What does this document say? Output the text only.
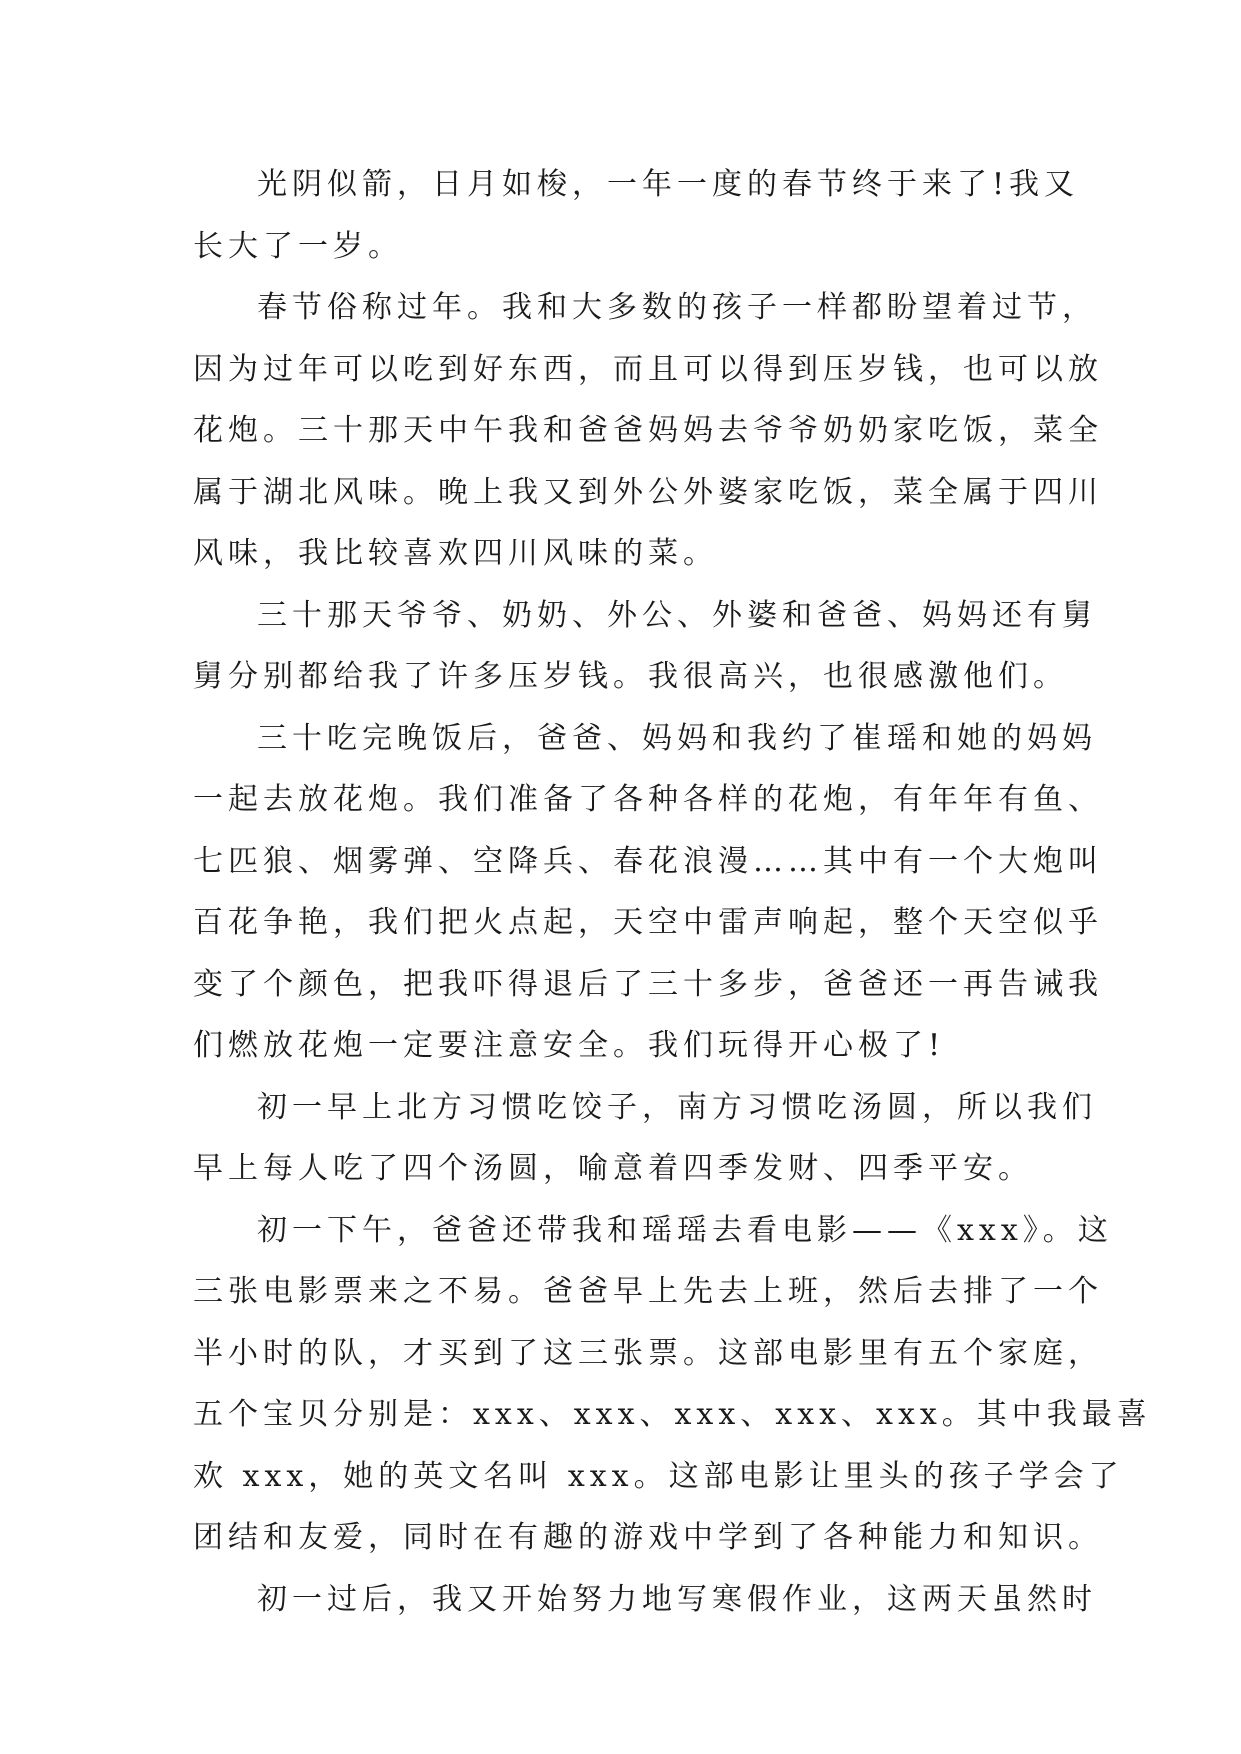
光阴似箭，日月如梭，一年一度的春节终于来了!我又
长大了一岁。
春节俗称过年。我和大多数的孩子一样都盼望着过节，
因为过年可以吃到好东西，而且可以得到压岁钱，也可以放
花炮。三十那天中午我和爸爸妈妈去爷爷奶奶家吃饭，菜全
属于湖北风味。晚上我又到外公外婆家吃饭，菜全属于四川
风味，我比较喜欢四川风味的菜。
三十那天爷爷、奶奶、外公、外婆和爸爸、妈妈还有舅
舅分别都给我了许多压岁钱。我很高兴，也很感激他们。
三十吃完晚饭后，爸爸、妈妈和我约了崔瑶和她的妈妈
一起去放花炮。我们准备了各种各样的花炮，有年年有鱼、
七匹狼、烟雾弹、空降兵、春花浪漫……其中有一个大炮叫
百花争艳，我们把火点起，天空中雷声响起，整个天空似乎
变了个颜色，把我吓得退后了三十多步，爸爸还一再告诫我
们燃放花炮一定要注意安全。我们玩得开心极了!
初一早上北方习惯吃饺子，南方习惯吃汤圆，所以我们
早上每人吃了四个汤圆，喻意着四季发财、四季平安。
初一下午，爸爸还带我和瑶瑶去看电影——《xxx》。这
三张电影票来之不易。爸爸早上先去上班，然后去排了一个
半小时的队，才买到了这三张票。这部电影里有五个家庭，
五个宝贝分别是：xxx、xxx、xxx、xxx、xxx。其中我最喜
欢 xxx，她的英文名叫 xxx。这部电影让里头的孩子学会了
团结和友爱，同时在有趣的游戏中学到了各种能力和知识。
初一过后，我又开始努力地写寒假作业，这两天虽然时
